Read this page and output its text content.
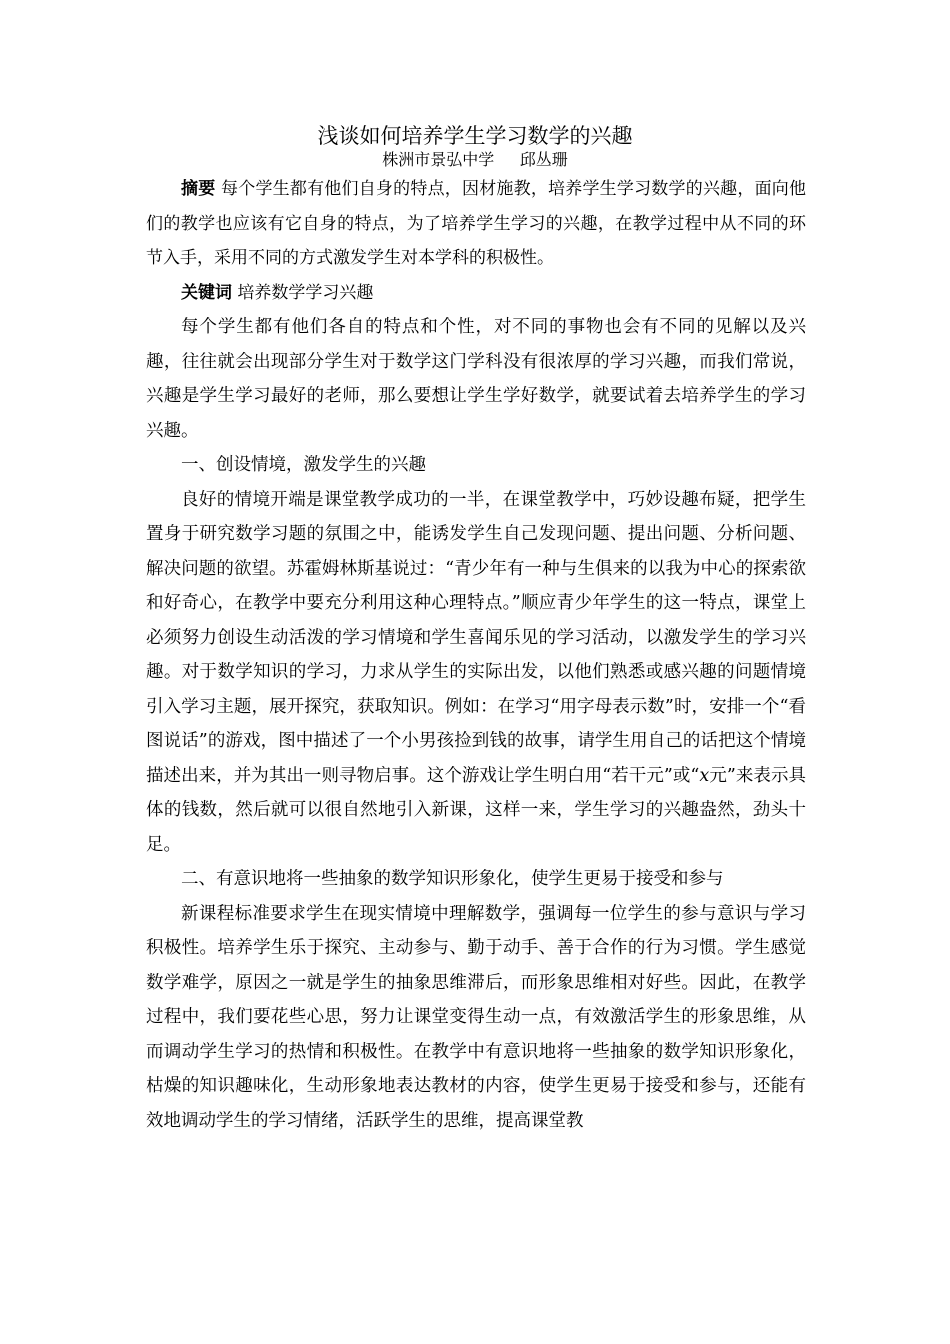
浅谈如何培养学生学习数学的兴趣
株洲市景弘中学     邱丛珊

摘要 每个学生都有他们自身的特点，因材施教，培养学生学习数学的兴趣，面向他们的教学也应该有它自身的特点，为了培养学生学习的兴趣，在教学过程中从不同的环节入手，采用不同的方式激发学生对本学科的积极性。

关键词 培养数学学习兴趣

每个学生都有他们各自的特点和个性，对不同的事物也会有不同的见解以及兴趣，往往就会出现部分学生对于数学这门学科没有很浓厚的学习兴趣，而我们常说，兴趣是学生学习最好的老师，那么要想让学生学好数学，就要试着去培养学生的学习兴趣。

一、创设情境，激发学生的兴趣

良好的情境开端是课堂教学成功的一半，在课堂教学中，巧妙设趣布疑，把学生置身于研究数学习题的氛围之中，能诱发学生自己发现问题、提出问题、分析问题、解决问题的欲望。苏霍姆林斯基说过：“青少年有一种与生俱来的以我为中心的探索欲和好奇心，在教学中要充分利用这种心理特点。”顺应青少年学生的这一特点，课堂上必须努力创设生动活泼的学习情境和学生喜闻乐见的学习活动，以激发学生的学习兴趣。对于数学知识的学习，力求从学生的实际出发，以他们熟悉或感兴趣的问题情境引入学习主题，展开探究，获取知识。例如：在学习“用字母表示数”时，安排一个“看图说话”的游戏，图中描述了一个小男孩捡到钱的故事，请学生用自己的话把这个情境描述出来，并为其出一则寻物启事。这个游戏让学生明白用“若干元”或“x元”来表示具体的钱数，然后就可以很自然地引入新课，这样一来，学生学习的兴趣盎然，劲头十足。

二、有意识地将一些抽象的数学知识形象化，使学生更易于接受和参与

新课程标准要求学生在现实情境中理解数学，强调每一位学生的参与意识与学习积极性。培养学生乐于探究、主动参与、勤于动手、善于合作的行为习惯。学生感觉数学难学，原因之一就是学生的抽象思维滞后，而形象思维相对好些。因此，在教学过程中，我们要花些心思，努力让课堂变得生动一点，有效激活学生的形象思维，从而调动学生学习的热情和积极性。在教学中有意识地将一些抽象的数学知识形象化，枯燥的知识趣味化，生动形象地表达教材的内容，使学生更易于接受和参与，还能有效地调动学生的学习情绪，活跃学生的思维，提高课堂教
